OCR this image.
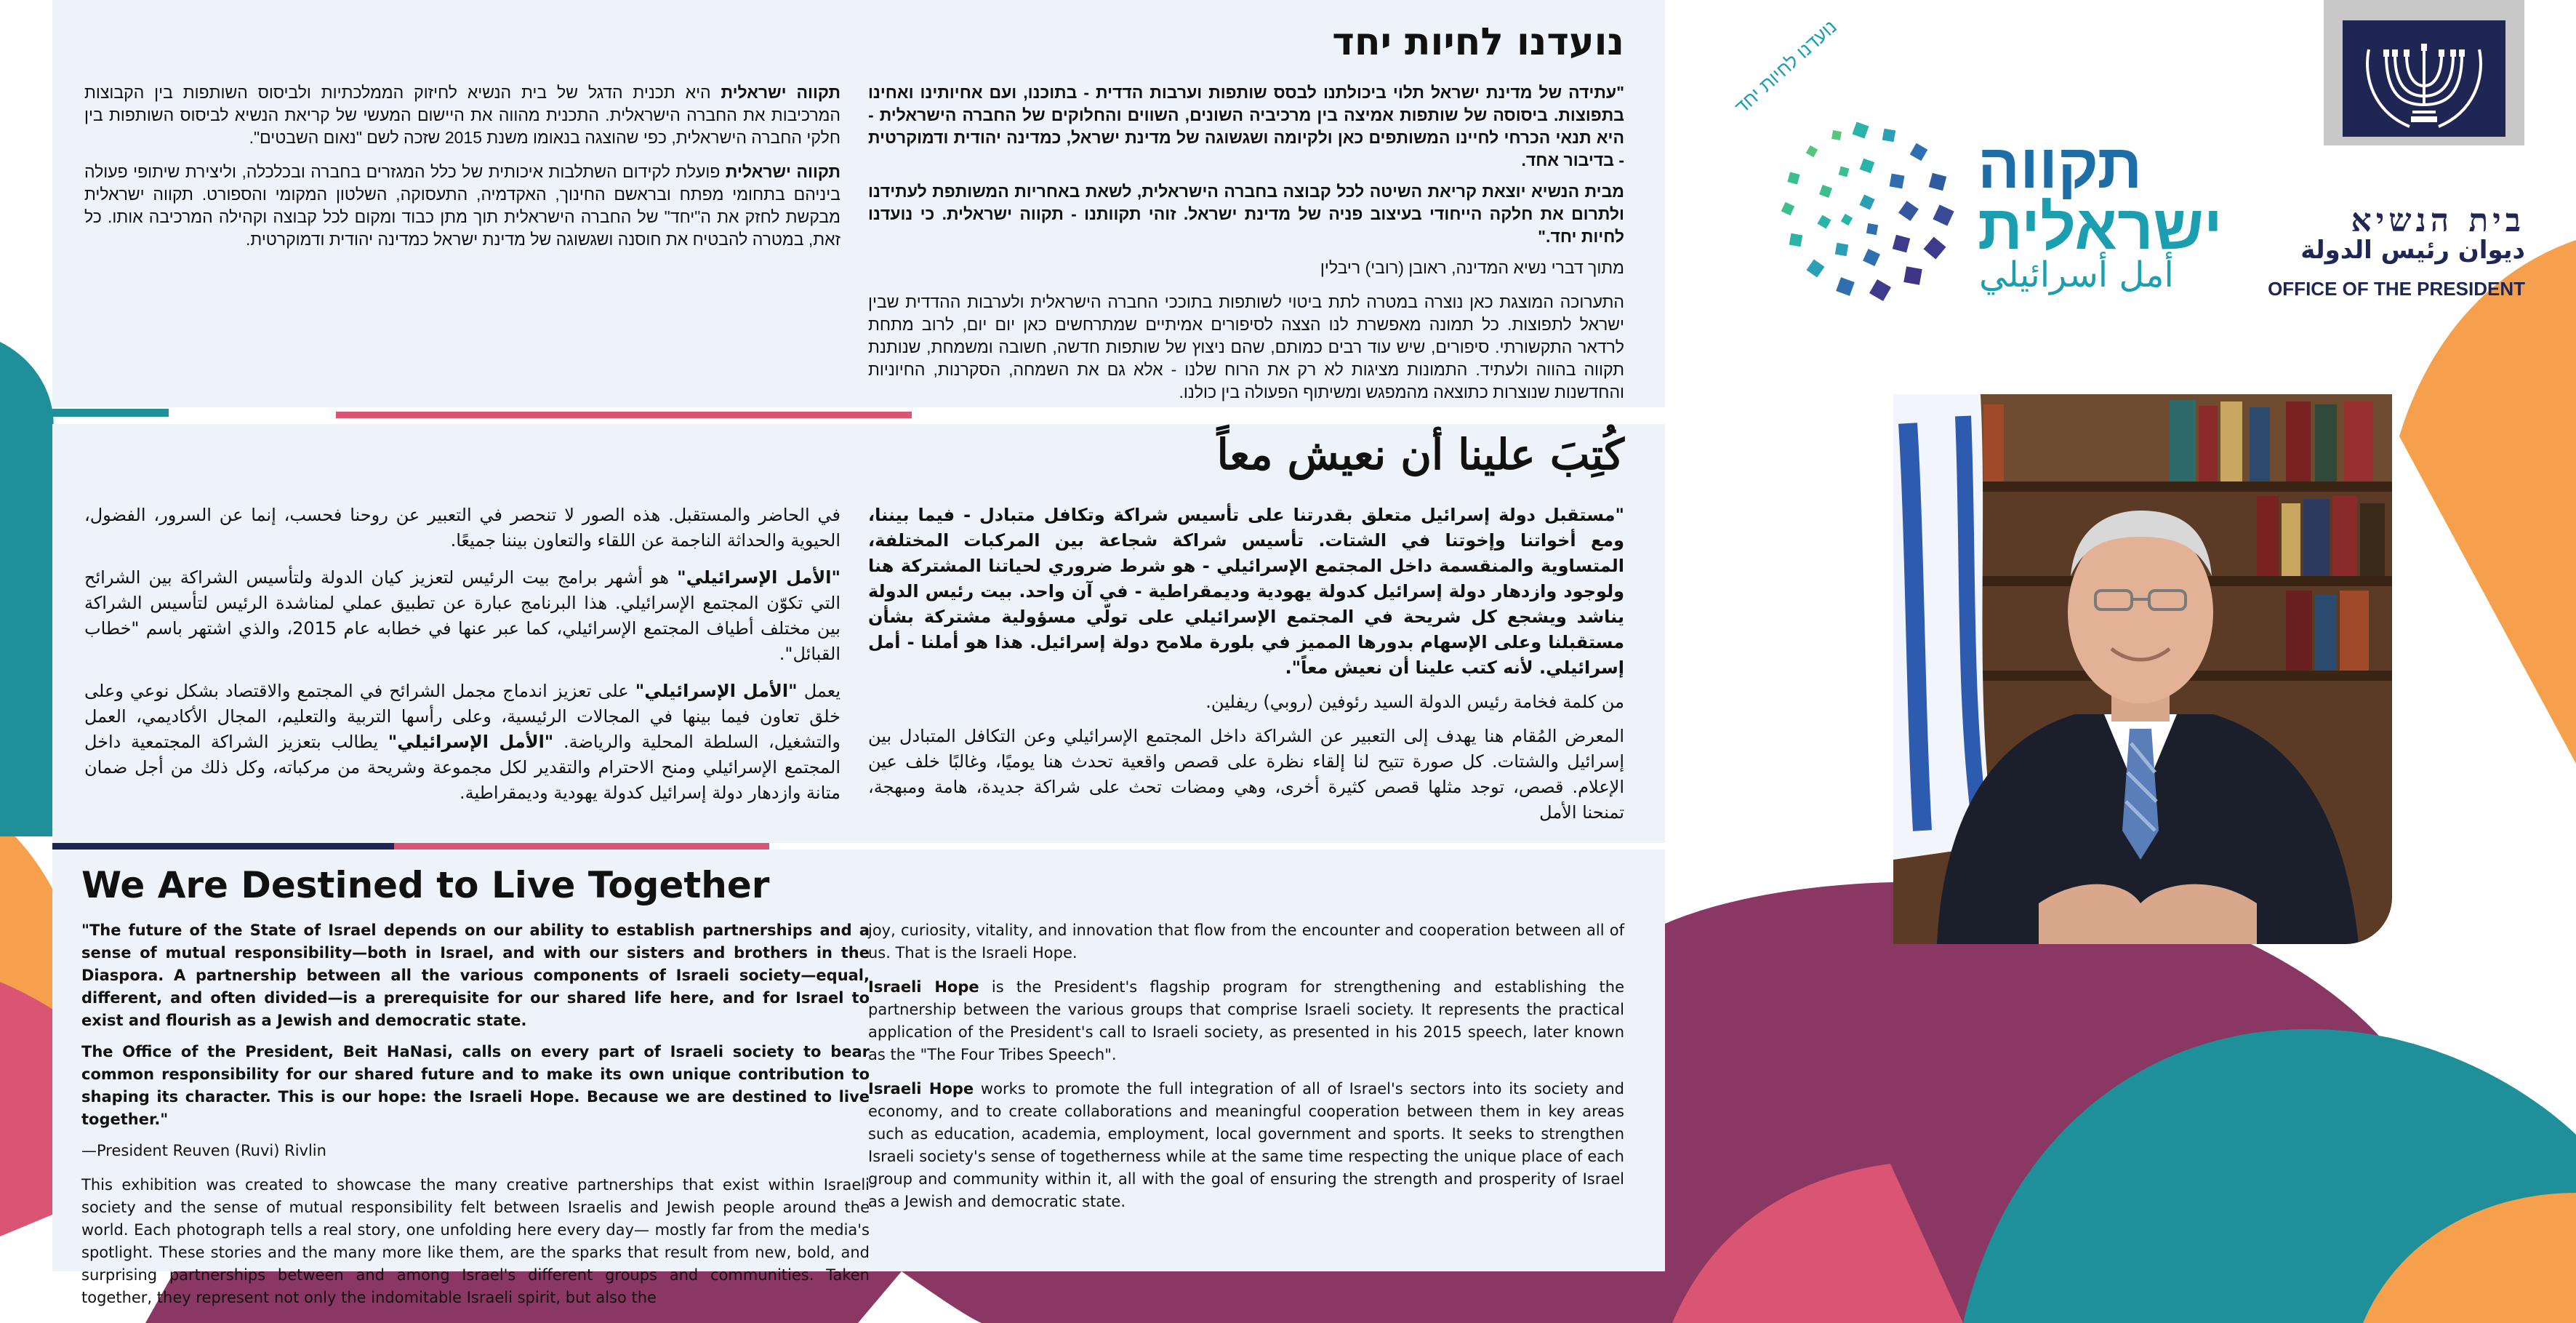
נועדנו לחיות יחד

"עתידה של מדינת ישראל תלוי ביכולתנו לבסס שותפות וערבות הדדית - בתוכנו, ועם אחיותינו ואחינו בתפוצות. ביסוסה של שותפות אמיצה בין מרכיביה השונים, השווים והחלוקים של החברה הישראלית - היא תנאי הכרחי לחיינו המשותפים כאן ולקיומה ושגשוגה של מדינת ישראל, כמדינה יהודית ודמוקרטית - בדיבור אחד.

מבית הנשיא יוצאת קריאת השיטה לכל קבוצה בחברה הישראלית, לשאת באחריות המשותפת לעתידנו ולתרום את חלקה הייחודי בעיצוב פניה של מדינת ישראל. זוהי תקוותנו - תקווה ישראלית. כי נועדנו לחיות יחד."

מתוך דברי נשיא המדינה, ראובן (רובי) ריבלין

התערוכה המוצגת כאן נוצרה במטרה לתת ביטוי לשותפות בתוככי החברה הישראלית ולערבות ההדדית שבין ישראל לתפוצות. כל תמונה מאפשרת לנו הצצה לסיפורים אמיתיים שמתרחשים כאן יום יום, לרוב מתחת לרדאר התקשורתי. סיפורים, שיש עוד רבים כמותם, שהם ניצוץ של שותפות חדשה, חשובה ומשמחת, שנותנת תקווה בהווה ולעתיד. התמונות מציגות לא רק את הרוח שלנו - אלא גם את השמחה, הסקרנות, החיוניות והחדשנות שנוצרות כתוצאה מהמפגש ומשיתוף הפעולה בין כולנו.

תקווה ישראלית היא תכנית הדגל של בית הנשיא לחיזוק הממלכתיות ולביסוס השותפות בין הקבוצות המרכיבות את החברה הישראלית. התכנית מהווה את היישום המעשי של קריאת הנשיא לביסוס השותפות בין חלקי החברה הישראלית, כפי שהוצגה בנאומו משנת 2015 שזכה לשם "נאום השבטים".

תקווה ישראלית פועלת לקידום השתלבות איכותית של כלל המגזרים בחברה ובכלכלה, וליצירת שיתופי פעולה ביניהם בתחומי מפתח ובראשם החינוך, האקדמיה, התעסוקה, השלטון המקומי והספורט. תקווה ישראלית מבקשת לחזק את ה"יחד" של החברה הישראלית תוך מתן כבוד ומקום לכל קבוצה וקהילה המרכיבה אותו. כל זאת, במטרה להבטיח את חוסנה ושגשוגה של מדינת ישראל כמדינה יהודית ודמוקרטית.

كُتِبَ علينا أن نعيش معاً

"مستقبل دولة إسرائيل متعلق بقدرتنا على تأسيس شراكة وتكافل متبادل - فيما بيننا، ومع أخواتنا وإخوتنا في الشتات. تأسيس شراكة شجاعة بين المركبات المختلفة، المتساوية والمنقسمة داخل المجتمع الإسرائيلي - هو شرط ضروري لحياتنا المشتركة هنا ولوجود وازدهار دولة إسرائيل كدولة يهودية وديمقراطية - في آن واحد. بيت رئيس الدولة يناشد ويشجع كل شريحة في المجتمع الإسرائيلي على تولّي مسؤولية مشتركة بشأن مستقبلنا وعلى الإسهام بدورها المميز في بلورة ملامح دولة إسرائيل. هذا هو أملنا - أمل إسرائيلي. لأنه كتب علينا أن نعيش معاً".

من كلمة فخامة رئيس الدولة السيد رئوفين (روبي) ريفلين.

المعرض المُقام هنا يهدف إلى التعبير عن الشراكة داخل المجتمع الإسرائيلي وعن التكافل المتبادل بين إسرائيل والشتات. كل صورة تتيح لنا إلقاء نظرة على قصص واقعية تحدث هنا يوميًا، وغالبًا خلف عين الإعلام. قصص، توجد مثلها قصص كثيرة أخرى، وهي ومضات تحث على شراكة جديدة، هامة ومبهجة، تمنحنا الأمل

في الحاضر والمستقبل. هذه الصور لا تنحصر في التعبير عن روحنا فحسب، إنما عن السرور، الفضول، الحيوية والحداثة الناجمة عن اللقاء والتعاون بيننا جميعًا.

"الأمل الإسرائيلي" هو أشهر برامج بيت الرئيس لتعزيز كيان الدولة ولتأسيس الشراكة بين الشرائح التي تكوّن المجتمع الإسرائيلي. هذا البرنامج عبارة عن تطبيق عملي لمناشدة الرئيس لتأسيس الشراكة بين مختلف أطياف المجتمع الإسرائيلي، كما عبر عنها في خطابه عام 2015، والذي اشتهر باسم "خطاب القبائل".

يعمل "الأمل الإسرائيلي" على تعزيز اندماج مجمل الشرائح في المجتمع والاقتصاد بشكل نوعي وعلى خلق تعاون فيما بينها في المجالات الرئيسية، وعلى رأسها التربية والتعليم، المجال الأكاديمي، العمل والتشغيل، السلطة المحلية والرياضة. "الأمل الإسرائيلي" يطالب بتعزيز الشراكة المجتمعية داخل المجتمع الإسرائيلي ومنح الاحترام والتقدير لكل مجموعة وشريحة من مركباته، وكل ذلك من أجل ضمان متانة وازدهار دولة إسرائيل كدولة يهودية وديمقراطية.

We Are Destined to Live Together

"The future of the State of Israel depends on our ability to establish partnerships and a sense of mutual responsibility—both in Israel, and with our sisters and brothers in the Diaspora. A partnership between all the various components of Israeli society—equal, different, and often divided—is a prerequisite for our shared life here, and for Israel to exist and flourish as a Jewish and democratic state.

The Office of the President, Beit HaNasi, calls on every part of Israeli society to bear common responsibility for our shared future and to make its own unique contribution to shaping its character. This is our hope: the Israeli Hope. Because we are destined to live together."

—President Reuven (Ruvi) Rivlin

This exhibition was created to showcase the many creative partnerships that exist within Israeli society and the sense of mutual responsibility felt between Israelis and Jewish people around the world. Each photograph tells a real story, one unfolding here every day— mostly far from the media's spotlight. These stories and the many more like them, are the sparks that result from new, bold, and surprising partnerships between and among Israel's different groups and communities. Taken together, they represent not only the indomitable Israeli spirit, but also the

joy, curiosity, vitality, and innovation that flow from the encounter and cooperation between all of us. That is the Israeli Hope.

Israeli Hope is the President's flagship program for strengthening and establishing the partnership between the various groups that comprise Israeli society. It represents the practical application of the President's call to Israeli society, as presented in his 2015 speech, later known as the "The Four Tribes Speech".

Israeli Hope works to promote the full integration of all of Israel's sectors into its society and economy, and to create collaborations and meaningful cooperation between them in key areas such as education, academia, employment, local government and sports. It seeks to strengthen Israeli society's sense of togetherness while at the same time respecting the unique place of each group and community within it, all with the goal of ensuring the strength and prosperity of Israel as a Jewish and democratic state.

נועדנו לחיות יחד
תקווה
ישראלית
أمل أسرائيلي
בית הנשיא
ديوان رئيس الدولة
OFFICE OF THE PRESIDENT
